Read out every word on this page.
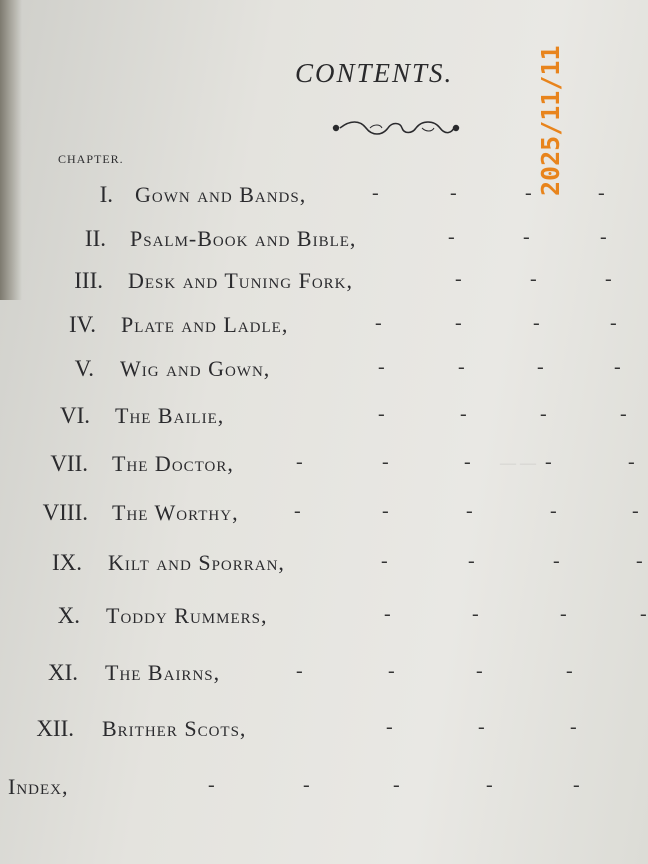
— —
CONTENTS.
CHAPTER.
I. Gown and Bands,	-	-	-	-
II. Psalm-Book and Bible,	-	-	-
III. Desk and Tuning Fork,	-	-	-
IV. Plate and Ladle,	-	-	-	-
V. Wig and Gown,	-	-	-	-
VI. The Bailie,	-	-	-	-
VII. The Doctor,	-	-	-	-	-
VIII. The Worthy,	-	-	-	-	-
IX. Kilt and Sporran,	-	-	-	-
X. Toddy Rummers,	-	-	-	-
XI. The Bairns,	-	-	-	-
XII. Brither Scots,	-	-	-
Index,	-	-	-	-	-
2025/11/11
